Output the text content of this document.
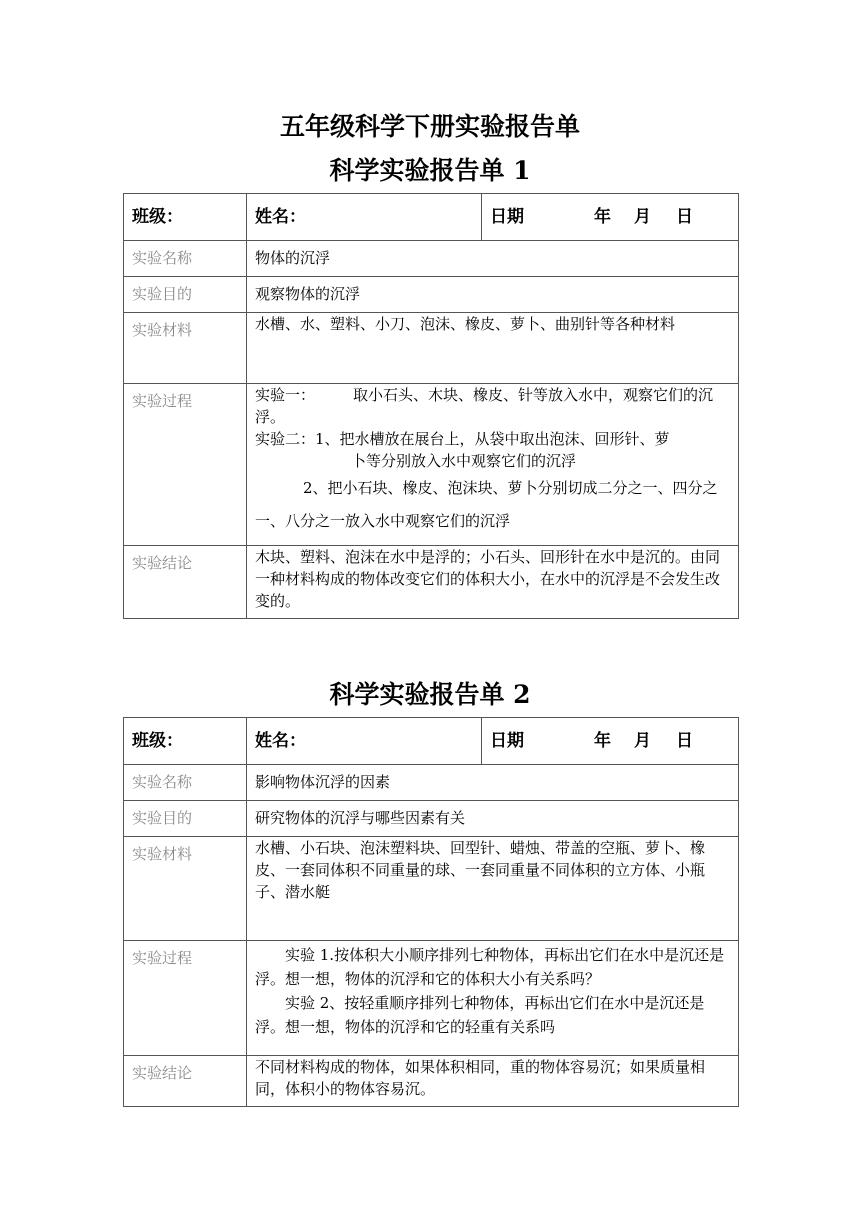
五年级科学下册实验报告单
科学实验报告单 1
班级：	姓名：	日期 年 月 日

实验名称	物体的沉浮	
实验目的	观察物体的沉浮	
实验材料	水槽、水、塑料、小刀、泡沫、橡皮、萝卜、曲别针等各种材料	
实验过程	实验一： 取小石头、木块、橡皮、针等放入水中，观察它们的沉浮。

实验二：1、把水槽放在展台上，从袋中取出泡沫、回形针、萝

卜等分别放入水中观察它们的沉浮

2、把小石块、橡皮、泡沫块、萝卜分别切成二分之一、四分之一、八分之一放入水中观察它们的沉浮	

实验结论	木块、塑料、泡沫在水中是浮的；小石头、回形针在水中是沉的。由同一种材料构成的物体改变它们的体积大小，在水中的沉浮是不会发生改变的。	
科学实验报告单 2
班级：	姓名：	日期 年 月 日

实验名称	影响物体沉浮的因素	
实验目的	研究物体的沉浮与哪些因素有关	
实验材料	水槽、小石块、泡沫塑料块、回型针、蜡烛、带盖的空瓶、萝卜、橡皮、一套同体积不同重量的球、一套同重量不同体积的立方体、小瓶子、潜水艇	
实验过程	实验 1.按体积大小顺序排列七种物体，再标出它们在水中是沉还是浮。想一想，物体的沉浮和它的体积大小有关系吗？

实验 2、按轻重顺序排列七种物体，再标出它们在水中是沉还是浮。想一想，物体的沉浮和它的轻重有关系吗	

实验结论	不同材料构成的物体，如果体积相同，重的物体容易沉；如果质量相同，体积小的物体容易沉。	
